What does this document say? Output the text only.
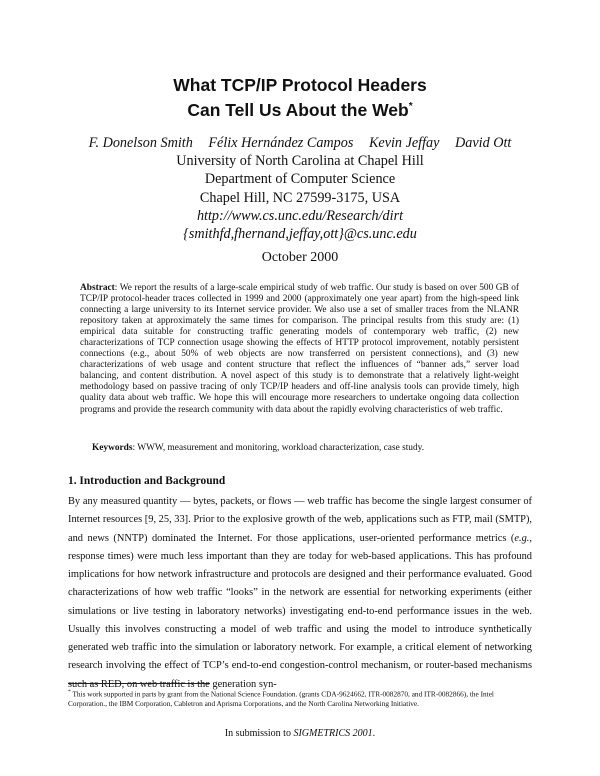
What TCP/IP Protocol Headers
Can Tell Us About the Web*
F. Donelson Smith Félix Hernández Campos Kevin Jeffay David Ott
University of North Carolina at Chapel Hill
Department of Computer Science
Chapel Hill, NC 27599-3175, USA
http://www.cs.unc.edu/Research/dirt
{smithfd,fhernand,jeffay,ott}@cs.unc.edu
October 2000

Abstract: We report the results of a large-scale empirical study of web traffic. Our study is based on over 500 GB of TCP/IP protocol-header traces collected in 1999 and 2000 (approximately one year apart) from the high-speed link connecting a large university to its Internet service provider. We also use a set of smaller traces from the NLANR repository taken at approximately the same times for comparison. The principal results from this study are: (1) empirical data suitable for constructing traffic generating models of contemporary web traffic, (2) new characterizations of TCP connection usage showing the effects of HTTP protocol improvement, notably persistent connections (e.g., about 50% of web objects are now transferred on persistent connections), and (3) new characterizations of web usage and content structure that reflect the influences of “banner ads,” server load balancing, and content distribution. A novel aspect of this study is to demonstrate that a relatively light-weight methodology based on passive tracing of only TCP/IP headers and off-line analysis tools can provide timely, high quality data about web traffic. We hope this will encourage more researchers to undertake ongoing data collection programs and provide the research community with data about the rapidly evolving characteristics of web traffic.

Keywords: WWW, measurement and monitoring, workload characterization, case study.

1. Introduction and Background

By any measured quantity — bytes, packets, or flows — web traffic has become the single largest consumer of Internet resources [9, 25, 33]. Prior to the explosive growth of the web, applications such as FTP, mail (SMTP), and news (NNTP) dominated the Internet. For those applications, user-oriented performance metrics (e.g., response times) were much less important than they are today for web-based applications. This has profound implications for how network infrastructure and protocols are designed and their performance evaluated. Good characterizations of how web traffic “looks” in the network are essential for networking experiments (either simulations or live testing in laboratory networks) investigating end-to-end performance issues in the web. Usually this involves constructing a model of web traffic and using the model to introduce synthetically generated web traffic into the simulation or laboratory network. For example, a critical element of networking research involving the effect of TCP’s end-to-end congestion-control mechanism, or router-based mechanisms such as RED, on web traffic is the generation syn-

* This work supported in parts by grant from the National Science Foundation. (grants CDA-9624662, ITR-0082870, and ITR-0082866), the Intel Corporation., the IBM Corporation, Cabletron and Aprisma Corporations, and the North Carolina Networking Initiative.

In submission to SIGMETRICS 2001.
